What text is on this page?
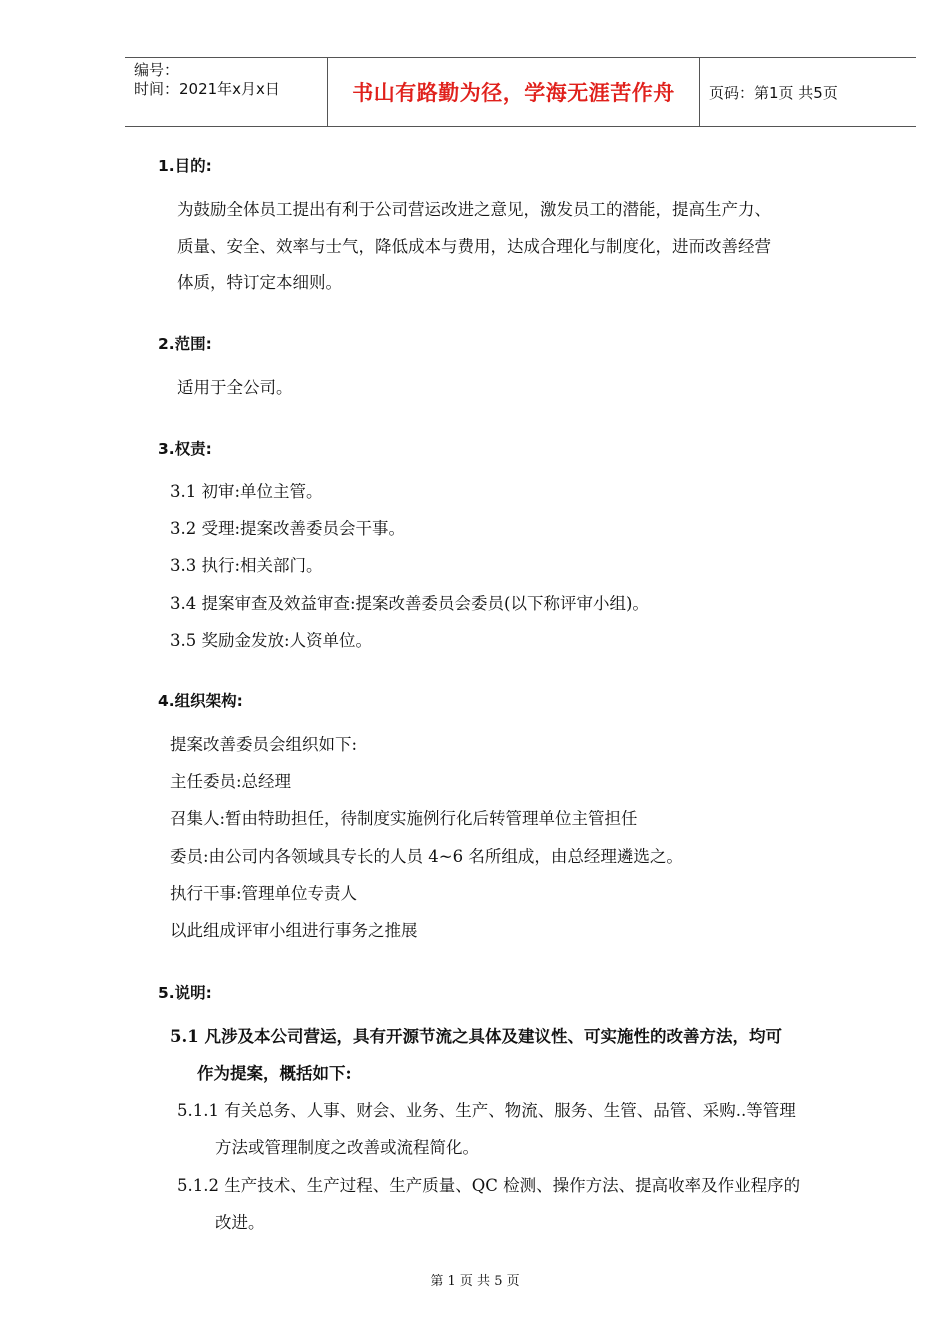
编号：
时间：2021年x月x日	书山有路勤为径，学海无涯苦作舟	页码：第1页 共5页
1.目的:
为鼓励全体员工提出有利于公司营运改进之意见，激发员工的潜能，提高生产力、
质量、安全、效率与士气，降低成本与费用，达成合理化与制度化，进而改善经营
体质，特订定本细则。
2.范围:
适用于全公司。
3.权责:
3.1 初审:单位主管。
3.2 受理:提案改善委员会干事。
3.3 执行:相关部门。
3.4 提案审查及效益审查:提案改善委员会委员(以下称评审小组)。
3.5 奖励金发放:人资单位。
4.组织架构:
提案改善委员会组织如下:
主任委员:总经理
召集人:暂由特助担任，待制度实施例行化后转管理单位主管担任
委员:由公司内各领域具专长的人员 4~6 名所组成，由总经理遴选之。
执行干事:管理单位专责人
以此组成评审小组进行事务之推展
5.说明:
5.1 凡涉及本公司营运，具有开源节流之具体及建议性、可实施性的改善方法，均可
作为提案，概括如下:
5.1.1 有关总务、人事、财会、业务、生产、物流、服务、生管、品管、采购..等管理
方法或管理制度之改善或流程简化。
5.1.2 生产技术、生产过程、生产质量、QC 检测、操作方法、提高收率及作业程序的
改进。
第 1 页 共 5 页
